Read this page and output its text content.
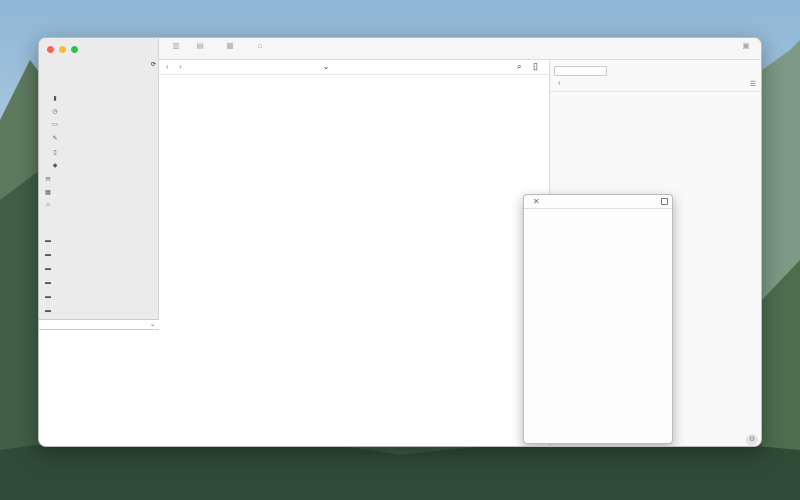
⟳
▮
◷
▭
✎
▯
◆
✉
▦
⌂
▬
▬
▬
▬
▬
▬
⌄
▥	▤	▦	⌂	▣
‹ ›	⌄	⌕ ▯
‹	☰
⚙
✕
